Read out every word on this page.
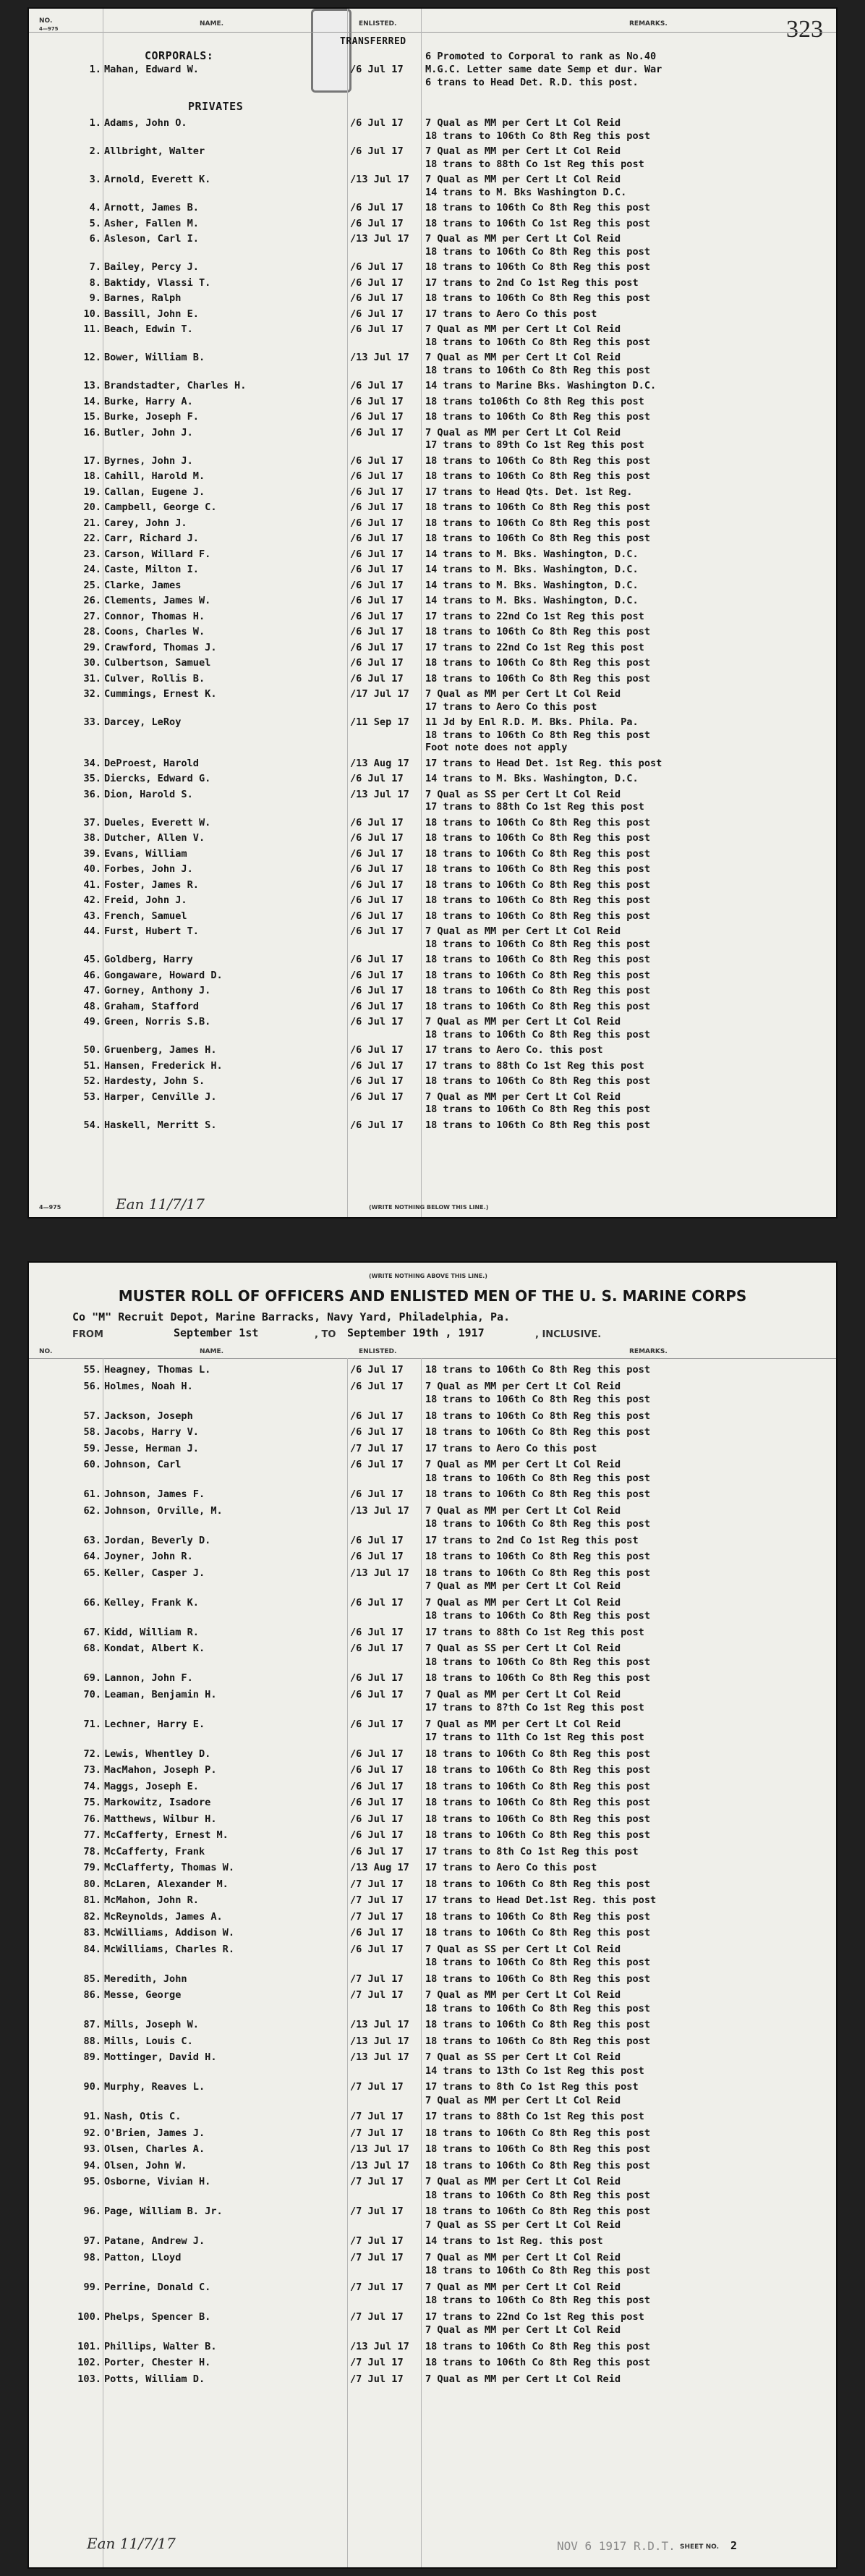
NO.
4—975
NAME.	ENLISTED.	REMARKS.	323
TRANSFERRED
CORPORALS:
1. Mahan, Edward W.	/6 Jul 17
6 Promoted to Corporal to rank as No.40
M.G.C. Letter same date Semp et dur. War
6 trans to Head Det. R.D. this post.
PRIVATES
1. Adams, John O.	/6 Jul 17 7 Qual as MM per Cert Lt Col Reid
18 trans to 106th Co 8th Reg this post
2. Allbright, Walter	/6 Jul 17 7 Qual as MM per Cert Lt Col Reid
18 trans to 88th Co 1st Reg this post
3. Arnold, Everett K.	/13 Jul 17 7 Qual as MM per Cert Lt Col Reid
14 trans to M. Bks Washington D.C.
4. Arnott, James B.	/6 Jul 17 18 trans to 106th Co 8th Reg this post
5. Asher, Fallen M.	/6 Jul 17 18 trans to 106th Co 1st Reg this post
6. Asleson, Carl I.	/13 Jul 17 7 Qual as MM per Cert Lt Col Reid
18 trans to 106th Co 8th Reg this post
7. Bailey, Percy J.	/6 Jul 17 18 trans to 106th Co 8th Reg this post
8. Baktidy, Vlassi T.	/6 Jul 17 17 trans to 2nd Co 1st Reg this post
9. Barnes, Ralph	/6 Jul 17 18 trans to 106th Co 8th Reg this post
10. Bassill, John E.	/6 Jul 17 17 trans to Aero Co this post
11. Beach, Edwin T.	/6 Jul 17 7 Qual as MM per Cert Lt Col Reid
18 trans to 106th Co 8th Reg this post
12. Bower, William B.	/13 Jul 17 7 Qual as MM per Cert Lt Col Reid
18 trans to 106th Co 8th Reg this post
13. Brandstadter, Charles H.	/6 Jul 17 14 trans to Marine Bks. Washington D.C.
14. Burke, Harry A.	/6 Jul 17 18 trans to106th Co 8th Reg this post
15. Burke, Joseph F.	/6 Jul 17 18 trans to 106th Co 8th Reg this post
16. Butler, John J.	/6 Jul 17 7 Qual as MM per Cert Lt Col Reid
17 trans to 89th Co 1st Reg this post
17. Byrnes, John J.	/6 Jul 17 18 trans to 106th Co 8th Reg this post
18. Cahill, Harold M.	/6 Jul 17 18 trans to 106th Co 8th Reg this post
19. Callan, Eugene J.	/6 Jul 17 17 trans to Head Qts. Det. 1st Reg.
20. Campbell, George C.	/6 Jul 17 18 trans to 106th Co 8th Reg this post
21. Carey, John J.	/6 Jul 17 18 trans to 106th Co 8th Reg this post
22. Carr, Richard J.	/6 Jul 17 18 trans to 106th Co 8th Reg this post
23. Carson, Willard F.	/6 Jul 17 14 trans to M. Bks. Washington, D.C.
24. Caste, Milton I.	/6 Jul 17 14 trans to M. Bks. Washington, D.C.
25. Clarke, James	/6 Jul 17 14 trans to M. Bks. Washington, D.C.
26. Clements, James W.	/6 Jul 17 14 trans to M. Bks. Washington, D.C.
27. Connor, Thomas H.	/6 Jul 17 17 trans to 22nd Co 1st Reg this post
28. Coons, Charles W.	/6 Jul 17 18 trans to 106th Co 8th Reg this post
29. Crawford, Thomas J.	/6 Jul 17 17 trans to 22nd Co 1st Reg this post
30. Culbertson, Samuel	/6 Jul 17 18 trans to 106th Co 8th Reg this post
31. Culver, Rollis B.	/6 Jul 17 18 trans to 106th Co 8th Reg this post
32. Cummings, Ernest K.	/17 Jul 17 7 Qual as MM per Cert Lt Col Reid
17 trans to Aero Co this post
33. Darcey, LeRoy	/11 Sep 17 11 Jd by Enl R.D. M. Bks. Phila. Pa.
18 trans to 106th Co 8th Reg this post
Foot note does not apply
34. DeProest, Harold	/13 Aug 17 17 trans to Head Det. 1st Reg. this post
35. Diercks, Edward G.	/6 Jul 17 14 trans to M. Bks. Washington, D.C.
36. Dion, Harold S.	/13 Jul 17 7 Qual as SS per Cert Lt Col Reid
17 trans to 88th Co 1st Reg this post
37. Dueles, Everett W.	/6 Jul 17 18 trans to 106th Co 8th Reg this post
38. Dutcher, Allen V.	/6 Jul 17 18 trans to 106th Co 8th Reg this post
39. Evans, William	/6 Jul 17 18 trans to 106th Co 8th Reg this post
40. Forbes, John J.	/6 Jul 17 18 trans to 106th Co 8th Reg this post
41. Foster, James R.	/6 Jul 17 18 trans to 106th Co 8th Reg this post
42. Freid, John J.	/6 Jul 17 18 trans to 106th Co 8th Reg this post
43. French, Samuel	/6 Jul 17 18 trans to 106th Co 8th Reg this post
44. Furst, Hubert T.	/6 Jul 17 7 Qual as MM per Cert Lt Col Reid
18 trans to 106th Co 8th Reg this post
45. Goldberg, Harry	/6 Jul 17 18 trans to 106th Co 8th Reg this post
46. Gongaware, Howard D.	/6 Jul 17 18 trans to 106th Co 8th Reg this post
47. Gorney, Anthony J.	/6 Jul 17 18 trans to 106th Co 8th Reg this post
48. Graham, Stafford	/6 Jul 17 18 trans to 106th Co 8th Reg this post
49. Green, Norris S.B.	/6 Jul 17 7 Qual as MM per Cert Lt Col Reid
18 trans to 106th Co 8th Reg this post
50. Gruenberg, James H.	/6 Jul 17 17 trans to Aero Co. this post
51. Hansen, Frederick H.	/6 Jul 17 17 trans to 88th Co 1st Reg this post
52. Hardesty, John S.	/6 Jul 17 18 trans to 106th Co 8th Reg this post
53. Harper, Cenville J.	/6 Jul 17 7 Qual as MM per Cert Lt Col Reid
18 trans to 106th Co 8th Reg this post
54. Haskell, Merritt S.	/6 Jul 17 18 trans to 106th Co 8th Reg this post
(WRITE NOTHING BELOW THIS LINE.)
4—975	Ean 11/7/17
(WRITE NOTHING ABOVE THIS LINE.)
MUSTER ROLL OF OFFICERS AND ENLISTED MEN OF THE U. S. MARINE CORPS
Co "M" Recruit Depot, Marine Barracks, Navy Yard, Philadelphia, Pa.
FROM	September 1st	, TO September 19th , 1917	, INCLUSIVE.
NO.	NAME.	ENLISTED.	REMARKS.
55. Heagney, Thomas L.	/6 Jul 17 18 trans to 106th Co 8th Reg this post
56. Holmes, Noah H.	/6 Jul 17 7 Qual as MM per Cert Lt Col Reid
18 trans to 106th Co 8th Reg this post
57. Jackson, Joseph	/6 Jul 17 18 trans to 106th Co 8th Reg this post
58. Jacobs, Harry V.	/6 Jul 17 18 trans to 106th Co 8th Reg this post
59. Jesse, Herman J.	/7 Jul 17 17 trans to Aero Co this post
60. Johnson, Carl	/6 Jul 17 7 Qual as MM per Cert Lt Col Reid
18 trans to 106th Co 8th Reg this post
61. Johnson, James F.	/6 Jul 17 18 trans to 106th Co 8th Reg this post
62. Johnson, Orville, M.	/13 Jul 17 7 Qual as MM per Cert Lt Col Reid
18 trans to 106th Co 8th Reg this post
63. Jordan, Beverly D.	/6 Jul 17 17 trans to 2nd Co 1st Reg this post
64. Joyner, John R.	/6 Jul 17 18 trans to 106th Co 8th Reg this post
65. Keller, Casper J.	/13 Jul 17 18 trans to 106th Co 8th Reg this post
7 Qual as MM per Cert Lt Col Reid
66. Kelley, Frank K.	/6 Jul 17 7 Qual as MM per Cert Lt Col Reid
18 trans to 106th Co 8th Reg this post
67. Kidd, William R.	/6 Jul 17 17 trans to 88th Co 1st Reg this post
68. Kondat, Albert K.	/6 Jul 17 7 Qual as SS per Cert Lt Col Reid
18 trans to 106th Co 8th Reg this post
69. Lannon, John F.	/6 Jul 17 18 trans to 106th Co 8th Reg this post
70. Leaman, Benjamin H.	/6 Jul 17 7 Qual as MM per Cert Lt Col Reid
17 trans to 8?th Co 1st Reg this post
71. Lechner, Harry E.	/6 Jul 17 7 Qual as MM per Cert Lt Col Reid
17 trans to 11th Co 1st Reg this post
72. Lewis, Whentley D.	/6 Jul 17 18 trans to 106th Co 8th Reg this post
73. MacMahon, Joseph P.	/6 Jul 17 18 trans to 106th Co 8th Reg this post
74. Maggs, Joseph E.	/6 Jul 17 18 trans to 106th Co 8th Reg this post
75. Markowitz, Isadore	/6 Jul 17 18 trans to 106th Co 8th Reg this post
76. Matthews, Wilbur H.	/6 Jul 17 18 trans to 106th Co 8th Reg this post
77. McCafferty, Ernest M.	/6 Jul 17 18 trans to 106th Co 8th Reg this post
78. McCafferty, Frank	/6 Jul 17 17 trans to 8th Co 1st Reg this post
79. McClafferty, Thomas W.	/13 Aug 17 17 trans to Aero Co this post
80. McLaren, Alexander M.	/7 Jul 17 18 trans to 106th Co 8th Reg this post
81. McMahon, John R.	/7 Jul 17 17 trans to Head Det.1st Reg. this post
82. McReynolds, James A.	/7 Jul 17 18 trans to 106th Co 8th Reg this post
83. McWilliams, Addison W.	/6 Jul 17 18 trans to 106th Co 8th Reg this post
84. McWilliams, Charles R.	/6 Jul 17 7 Qual as SS per Cert Lt Col Reid
18 trans to 106th Co 8th Reg this post
85. Meredith, John	/7 Jul 17 18 trans to 106th Co 8th Reg this post
86. Messe, George	/7 Jul 17 7 Qual as MM per Cert Lt Col Reid
18 trans to 106th Co 8th Reg this post
87. Mills, Joseph W.	/13 Jul 17 18 trans to 106th Co 8th Reg this post
88. Mills, Louis C.	/13 Jul 17 18 trans to 106th Co 8th Reg this post
89. Mottinger, David H.	/13 Jul 17 7 Qual as SS per Cert Lt Col Reid
14 trans to 13th Co 1st Reg this post
90. Murphy, Reaves L.	/7 Jul 17 17 trans to 8th Co 1st Reg this post
7 Qual as MM per Cert Lt Col Reid
91. Nash, Otis C.	/7 Jul 17 17 trans to 88th Co 1st Reg this post
92. O'Brien, James J.	/7 Jul 17 18 trans to 106th Co 8th Reg this post
93. Olsen, Charles A.	/13 Jul 17 18 trans to 106th Co 8th Reg this post
94. Olsen, John W.	/13 Jul 17 18 trans to 106th Co 8th Reg this post
95. Osborne, Vivian H.	/7 Jul 17 7 Qual as MM per Cert Lt Col Reid
18 trans to 106th Co 8th Reg this post
96. Page, William B. Jr.	/7 Jul 17 18 trans to 106th Co 8th Reg this post
7 Qual as SS per Cert Lt Col Reid
97. Patane, Andrew J.	/7 Jul 17 14 trans to 1st Reg. this post
98. Patton, Lloyd	/7 Jul 17 7 Qual as MM per Cert Lt Col Reid
18 trans to 106th Co 8th Reg this post
99. Perrine, Donald C.	/7 Jul 17 7 Qual as MM per Cert Lt Col Reid
18 trans to 106th Co 8th Reg this post
100. Phelps, Spencer B.	/7 Jul 17 17 trans to 22nd Co 1st Reg this post
7 Qual as MM per Cert Lt Col Reid
101. Phillips, Walter B.	/13 Jul 17 18 trans to 106th Co 8th Reg this post
102. Porter, Chester H.	/7 Jul 17 18 trans to 106th Co 8th Reg this post
103. Potts, William D.	/7 Jul 17 7 Qual as MM per Cert Lt Col Reid
Ean 11/7/17	NOV 6 1917 R.D.T. SHEET NO. 2
